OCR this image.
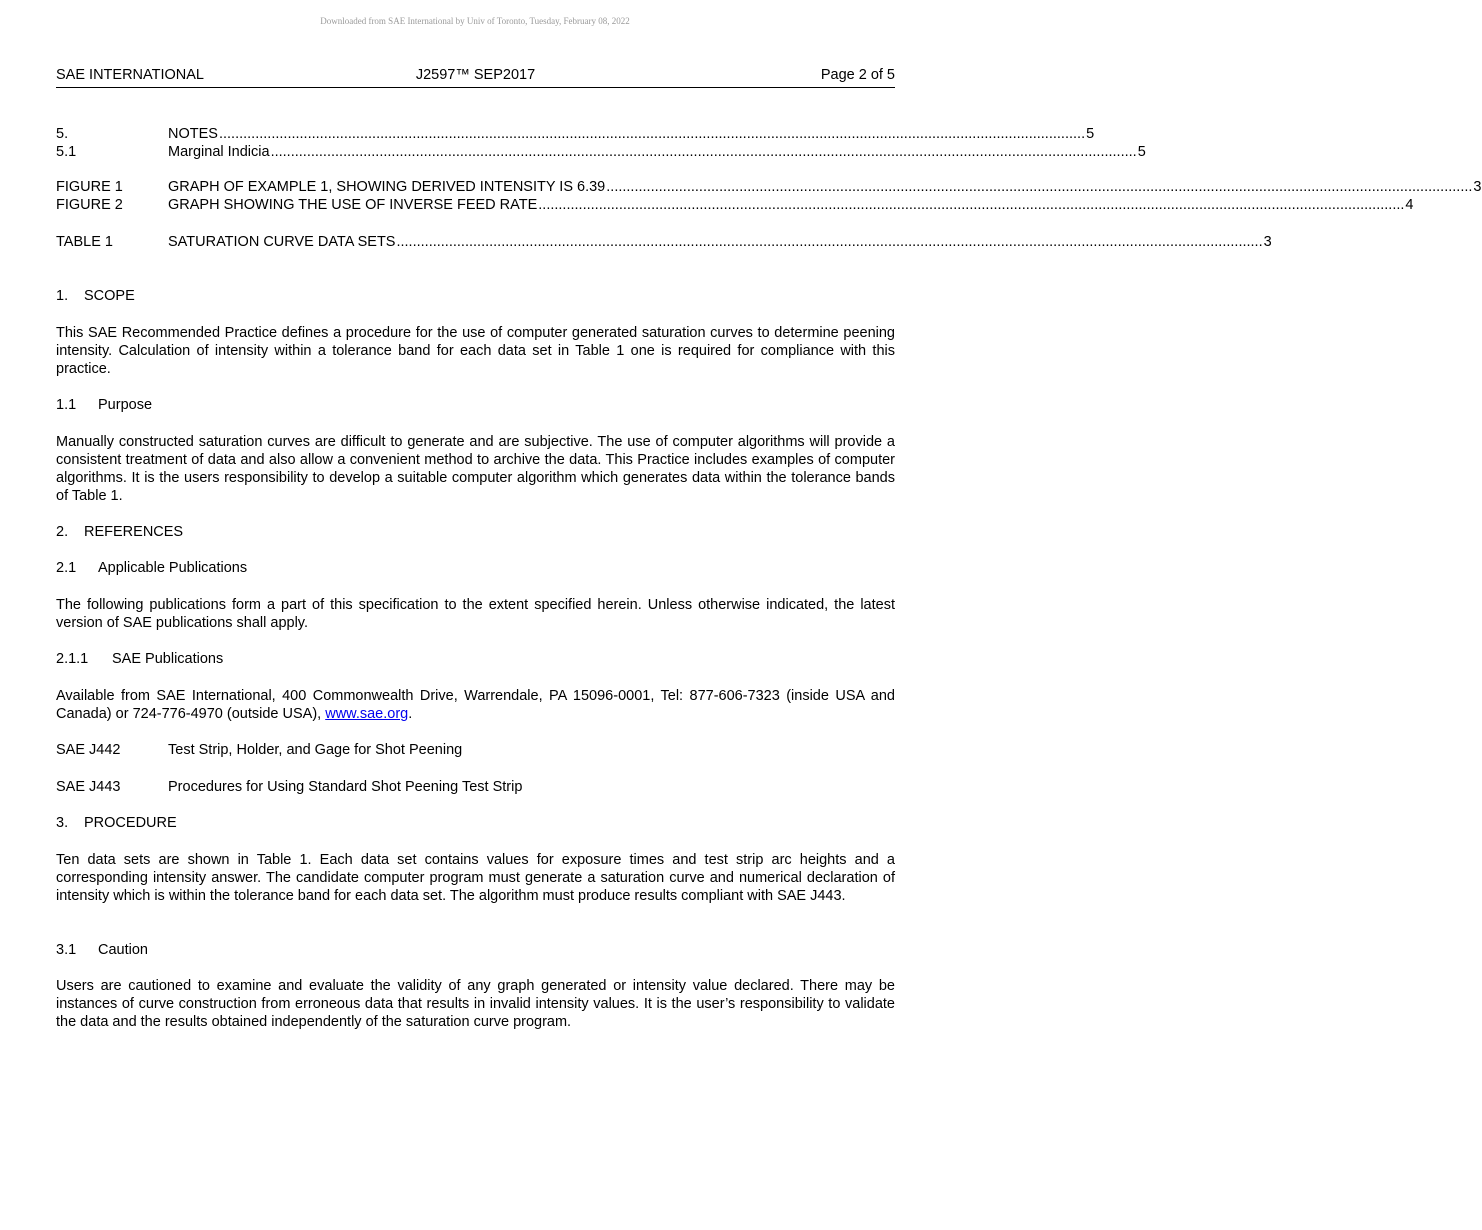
Downloaded from SAE International by Univ of Toronto, Tuesday, February 08, 2022
J2597™ SEP2017
SAE INTERNATIONAL	Page 2 of 5
5.	NOTES ....................................................................................................................................................................................................................... 5
5.1	Marginal Indicia ....................................................................................................................................................................................................................... 5
FIGURE 1	GRAPH OF EXAMPLE 1, SHOWING DERIVED INTENSITY IS 6.39 ....................................................................................................................................................................................................................... 3
FIGURE 2	GRAPH SHOWING THE USE OF INVERSE FEED RATE ....................................................................................................................................................................................................................... 4
TABLE 1	SATURATION CURVE DATA SETS ....................................................................................................................................................................................................................... 3
1. SCOPE

This SAE Recommended Practice defines a procedure for the use of computer generated saturation curves to determine peening intensity. Calculation of intensity within a tolerance band for each data set in Table 1 one is required for compliance with this practice.

1.1 Purpose

Manually constructed saturation curves are difficult to generate and are subjective. The use of computer algorithms will provide a consistent treatment of data and also allow a convenient method to archive the data. This Practice includes examples of computer algorithms. It is the users responsibility to develop a suitable computer algorithm which generates data within the tolerance bands of Table 1.

2. REFERENCES
2.1 Applicable Publications

The following publications form a part of this specification to the extent specified herein. Unless otherwise indicated, the latest version of SAE publications shall apply.

2.1.1 SAE Publications

Available from SAE International, 400 Commonwealth Drive, Warrendale, PA 15096-0001, Tel: 877-606-7323 (inside USA and Canada) or 724-776-4970 (outside USA), www.sae.org.

SAE J442	Test Strip, Holder, and Gage for Shot Peening
SAE J443	Procedures for Using Standard Shot Peening Test Strip
3. PROCEDURE

Ten data sets are shown in Table 1. Each data set contains values for exposure times and test strip arc heights and a corresponding intensity answer. The candidate computer program must generate a saturation curve and numerical declaration of intensity which is within the tolerance band for each data set. The algorithm must produce results compliant with SAE J443.

3.1 Caution

Users are cautioned to examine and evaluate the validity of any graph generated or intensity value declared. There may be instances of curve construction from erroneous data that results in invalid intensity values. It is the user’s responsibility to validate the data and the results obtained independently of the saturation curve program.
